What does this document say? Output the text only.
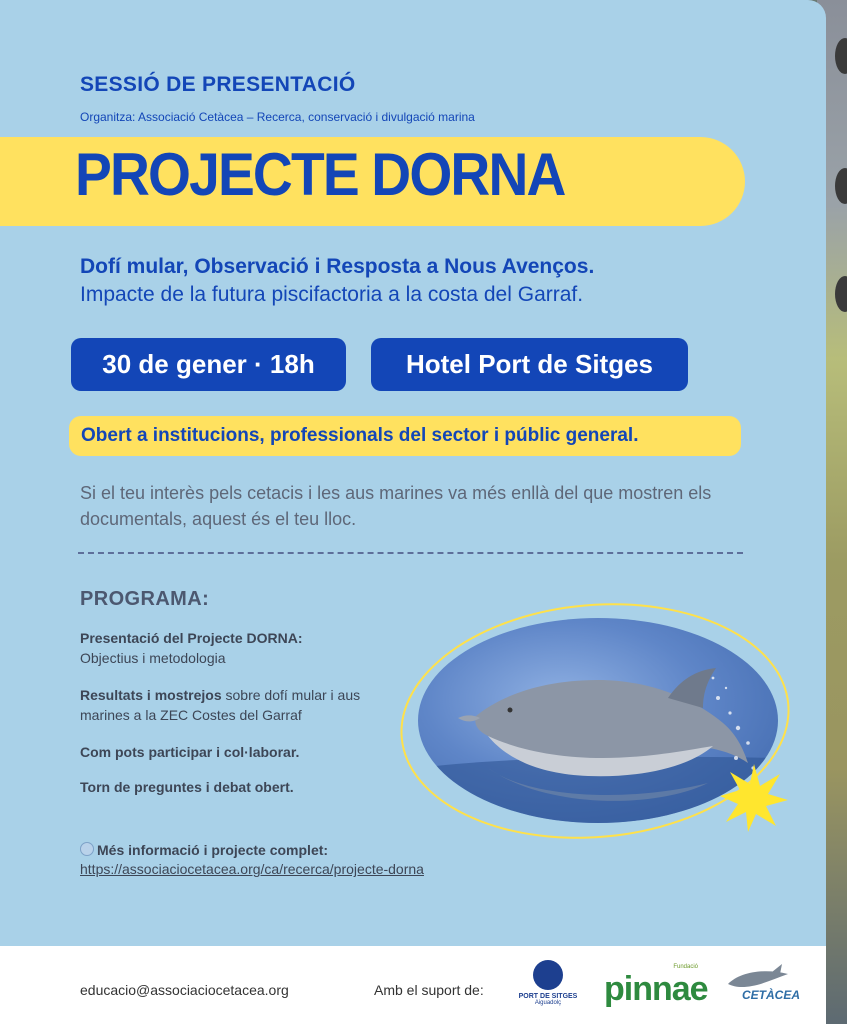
SESSIÓ DE PRESENTACIÓ
Organitza: Associació Cetàcea – Recerca, conservació i divulgació marina
PROJECTE DORNA
Dofí mular, Observació i Resposta a Nous Avenços.
Impacte de la futura piscifactoria a la costa del Garraf.
30 de gener · 18h	Hotel Port de Sitges
Obert a institucions, professionals del sector i públic general.
Si el teu interès pels cetacis i les aus marines va més enllà del que mostren els documentals, aquest és el teu lloc.
PROGRAMA:
Presentació del Projecte DORNA:
Objectius i metodologia
Resultats i mostrejos sobre dofí mular i aus marines a la ZEC Costes del Garraf
Com pots participar i col·laborar.
Torn de preguntes i debat obert.
Més informació i projecte complet:
https://associaciocetacea.org/ca/recerca/projecte-dorna
educacio@associaciocetacea.org	Amb el suport de:	PORT DE SITGES
Aiguadolç
Fundació
pinnae	CETÀCEA
